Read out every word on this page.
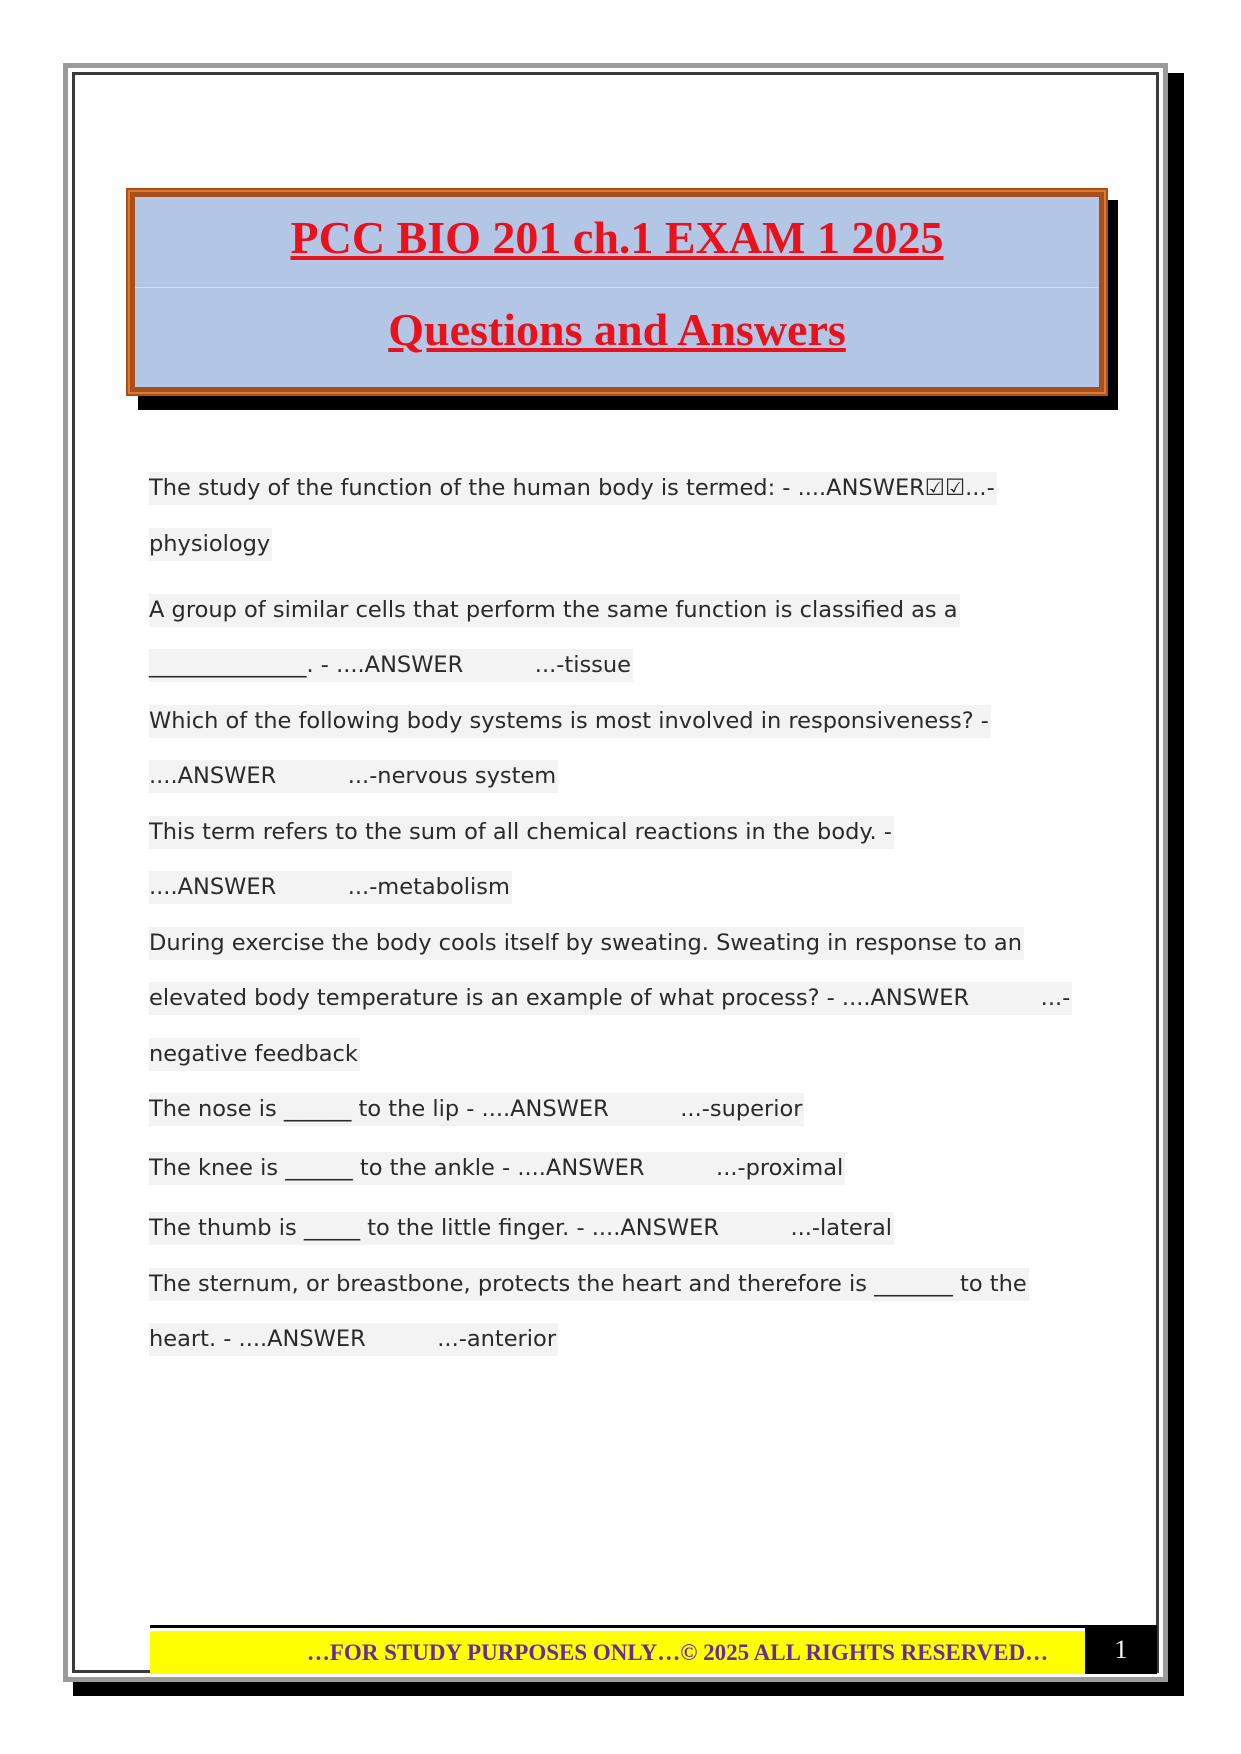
PCC BIO 201 ch.1 EXAM 1 2025
Questions and Answers
The study of the function of the human body is termed: - ....ANSWER☑☑...-
physiology
A group of similar cells that perform the same function is classified as a
______________. - ....ANSWER          ...-tissue
Which of the following body systems is most involved in responsiveness? -
....ANSWER          ...-nervous system
This term refers to the sum of all chemical reactions in the body. -
....ANSWER          ...-metabolism
During exercise the body cools itself by sweating. Sweating in response to an
elevated body temperature is an example of what process? - ....ANSWER          ...-
negative feedback
The nose is ______ to the lip - ....ANSWER          ...-superior
The knee is ______ to the ankle - ....ANSWER          ...-proximal
The thumb is _____ to the little finger. - ....ANSWER          ...-lateral
The sternum, or breastbone, protects the heart and therefore is _______ to the
heart. - ....ANSWER          ...-anterior
…FOR STUDY PURPOSES ONLY…© 2025 ALL RIGHTS RESERVED…	1
